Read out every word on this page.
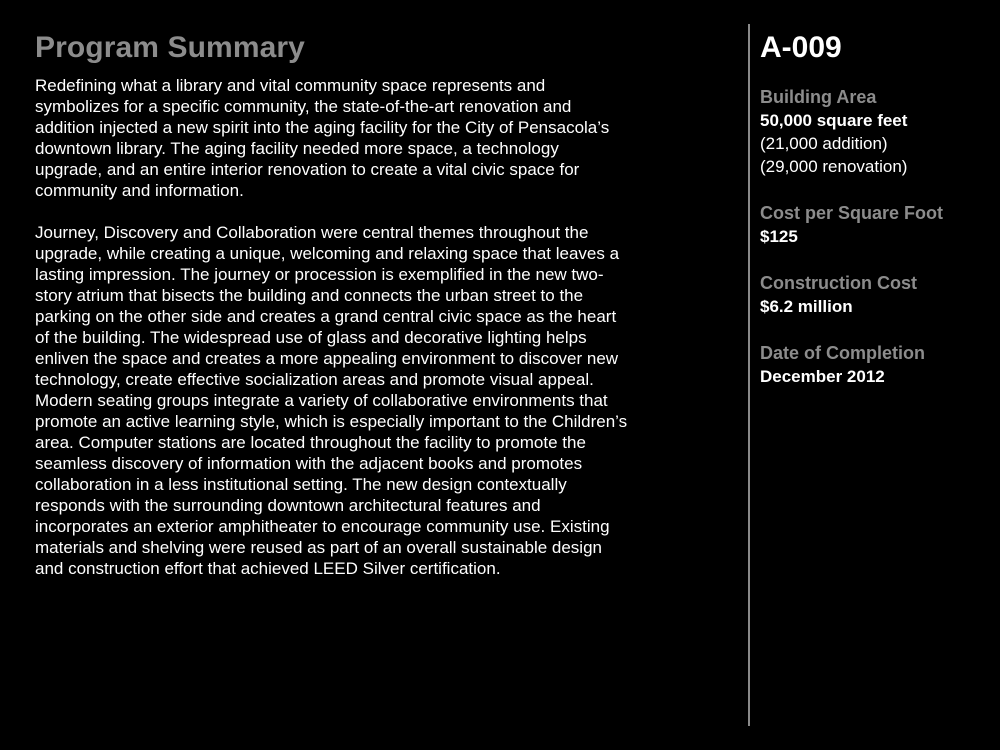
Program Summary

Redefining what a library and vital community space represents and
symbolizes for a specific community, the state-of-the-art renovation and
addition injected a new spirit into the aging facility for the City of Pensacola’s
downtown library. The aging facility needed more space, a technology
upgrade, and an entire interior renovation to create a vital civic space for
community and information.

Journey, Discovery and Collaboration were central themes throughout the
upgrade, while creating a unique, welcoming and relaxing space that leaves a
lasting impression. The journey or procession is exemplified in the new two-
story atrium that bisects the building and connects the urban street to the
parking on the other side and creates a grand central civic space as the heart
of the building. The widespread use of glass and decorative lighting helps
enliven the space and creates a more appealing environment to discover new
technology, create effective socialization areas and promote visual appeal.
Modern seating groups integrate a variety of collaborative environments that
promote an active learning style, which is especially important to the Children’s
area. Computer stations are located throughout the facility to promote the
seamless discovery of information with the adjacent books and promotes
collaboration in a less institutional setting. The new design contextually
responds with the surrounding downtown architectural features and
incorporates an exterior amphitheater to encourage community use. Existing
materials and shelving were reused as part of an overall sustainable design
and construction effort that achieved LEED Silver certification.

A-009
Building Area
50,000 square feet
(21,000 addition)
(29,000 renovation)
Cost per Square Foot
$125
Construction Cost
$6.2 million
Date of Completion
December 2012
